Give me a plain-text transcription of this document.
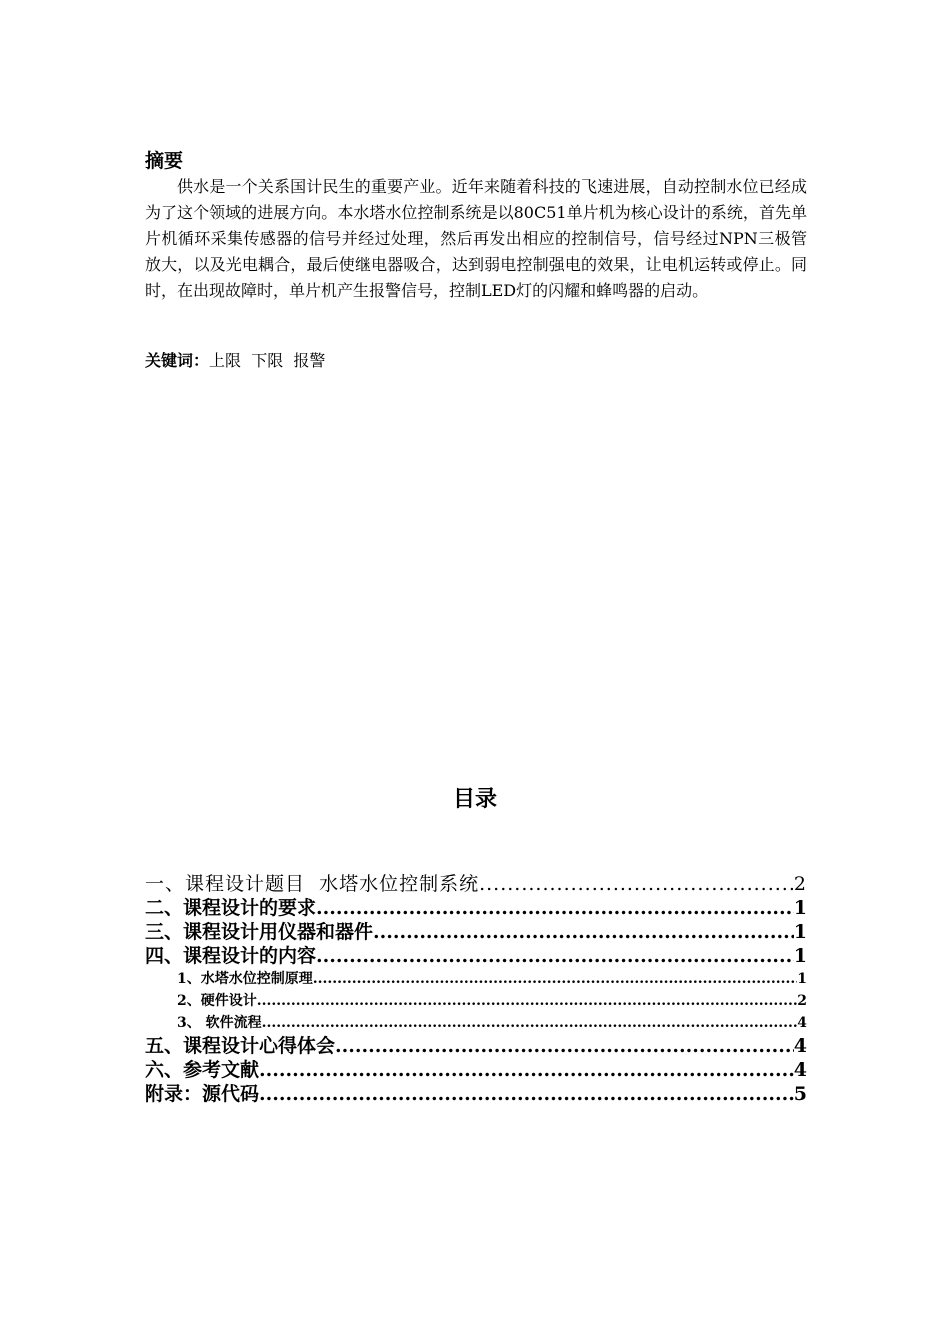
摘要

供水是一个关系国计民生的重要产业。近年来随着科技的飞速进展，自动控制水位已经成为了这个领域的进展方向。本水塔水位控制系统是以80C51单片机为核心设计的系统，首先单片机循环采集传感器的信号并经过处理，然后再发出相应的控制信号，信号经过NPN三极管放大，以及光电耦合，最后使继电器吸合，达到弱电控制强电的效果，让电机运转或停止。同时，在出现故障时，单片机产生报警信号，控制LED灯的闪耀和蜂鸣器的启动。

关键词：上限  下限  报警
目录
一、课程设计题目  水塔水位控制系统 .....	2
二、课程设计的要求 .....	1
三、课程设计用仪器和器件 .....	1
四、课程设计的内容 .....	1
1、水塔水位控制原理 .....	1
2、硬件设计 .....	2
3、 软件流程 .....	4
五、课程设计心得体会 .....	4
六、参考文献 .....	4
附录：源代码 .....	5
